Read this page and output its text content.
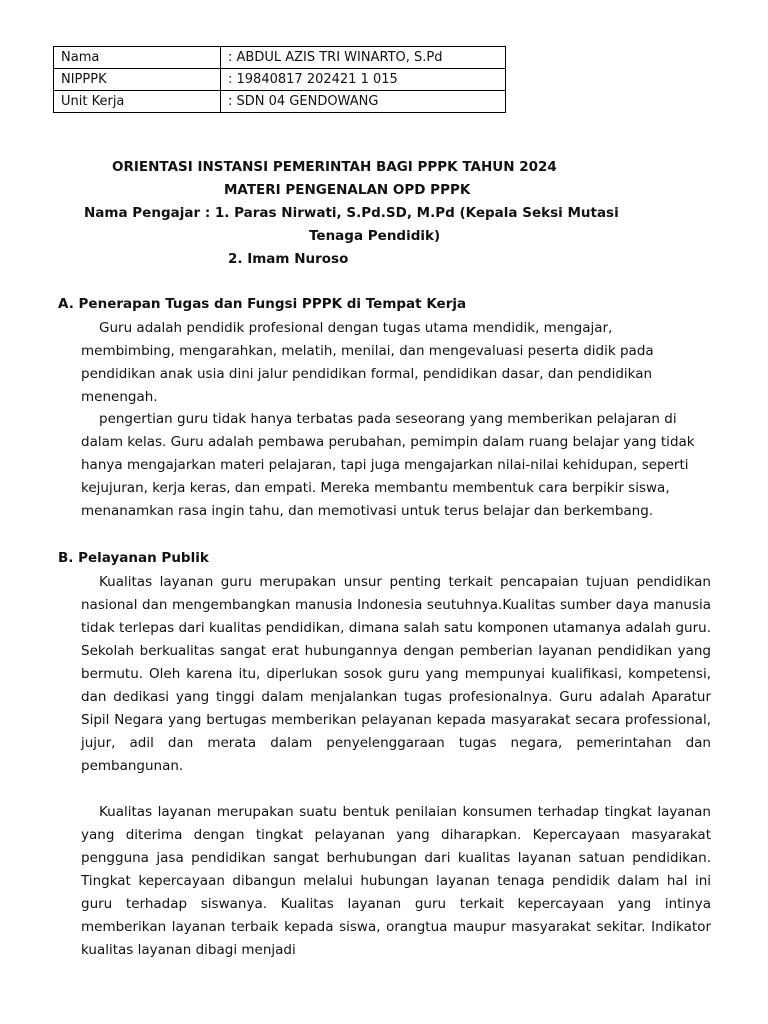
Nama	: ABDUL AZIS TRI WINARTO, S.Pd
NIPPPK	: 19840817 202421 1 015
Unit Kerja	: SDN 04 GENDOWANG
ORIENTASI INSTANSI PEMERINTAH BAGI PPPK TAHUN 2024
MATERI PENGENALAN OPD PPPK
Nama Pengajar : 1. Paras Nirwati, S.Pd.SD, M.Pd (Kepala Seksi Mutasi
Tenaga Pendidik)
2. Imam Nuroso
A. Penerapan Tugas dan Fungsi PPPK di Tempat Kerja

Guru adalah pendidik profesional dengan tugas utama mendidik, mengajar, membimbing, mengarahkan, melatih, menilai, dan mengevaluasi peserta didik pada pendidikan anak usia dini jalur pendidikan formal, pendidikan dasar, dan pendidikan menengah.

pengertian guru tidak hanya terbatas pada seseorang yang memberikan pelajaran di dalam kelas. Guru adalah pembawa perubahan, pemimpin dalam ruang belajar yang tidak hanya mengajarkan materi pelajaran, tapi juga mengajarkan nilai-nilai kehidupan, seperti kejujuran, kerja keras, dan empati. Mereka membantu membentuk cara berpikir siswa, menanamkan rasa ingin tahu, dan memotivasi untuk terus belajar dan berkembang.

B. Pelayanan Publik

Kualitas layanan guru merupakan unsur penting terkait pencapaian tujuan pendidikan nasional dan mengembangkan manusia Indonesia seutuhnya.Kualitas sumber daya manusia tidak terlepas dari kualitas pendidikan, dimana salah satu komponen utamanya adalah guru. Sekolah berkualitas sangat erat hubungannya dengan pemberian layanan pendidikan yang bermutu. Oleh karena itu, diperlukan sosok guru yang mempunyai kualifikasi, kompetensi, dan dedikasi yang tinggi dalam menjalankan tugas profesionalnya. Guru adalah Aparatur Sipil Negara yang bertugas memberikan pelayanan kepada masyarakat secara professional, jujur, adil dan merata dalam penyelenggaraan tugas negara, pemerintahan dan pembangunan.

Kualitas layanan merupakan suatu bentuk penilaian konsumen terhadap tingkat layanan yang diterima dengan tingkat pelayanan yang diharapkan. Kepercayaan masyarakat pengguna jasa pendidikan sangat berhubungan dari kualitas layanan satuan pendidikan. Tingkat kepercayaan dibangun melalui hubungan layanan tenaga pendidik dalam hal ini guru terhadap siswanya. Kualitas layanan guru terkait kepercayaan yang intinya memberikan layanan terbaik kepada siswa, orangtua maupur masyarakat sekitar. Indikator kualitas layanan dibagi menjadi
